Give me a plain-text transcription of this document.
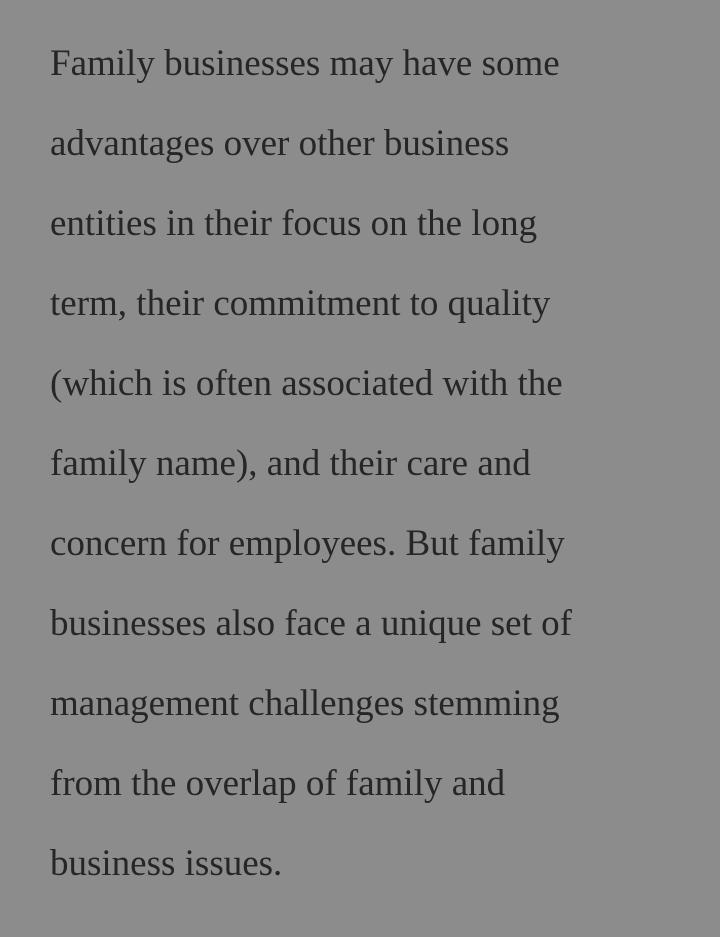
Family businesses may have some
advantages over other business
entities in their focus on the long
term, their commitment to quality
(which is often associated with the
family name), and their care and
concern for employees. But family
businesses also face a unique set of
management challenges stemming
from the overlap of family and
business issues.
